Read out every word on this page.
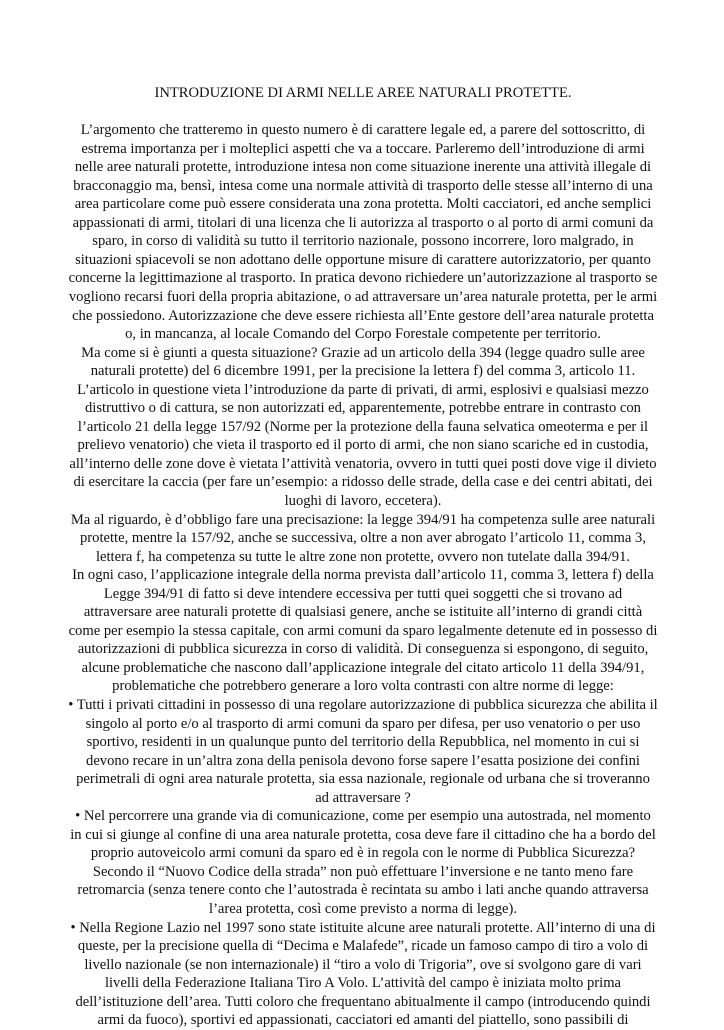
INTRODUZIONE DI ARMI NELLE AREE NATURALI PROTETTE.

L’argomento che tratteremo in questo numero è di carattere legale ed, a parere del sottoscritto, di estrema importanza per i molteplici aspetti che va a toccare. Parleremo dell’introduzione di armi nelle aree naturali protette, introduzione intesa non come situazione inerente una attività illegale di bracconaggio ma, bensì, intesa come una normale attività di trasporto delle stesse all’interno di una area particolare come può essere considerata una zona protetta. Molti cacciatori, ed anche semplici appassionati di armi, titolari di una licenza che li autorizza al trasporto o al porto di armi comuni da sparo, in corso di validità su tutto il territorio nazionale, possono incorrere, loro malgrado, in situazioni spiacevoli se non adottano delle opportune misure di carattere autorizzatorio, per quanto concerne la legittimazione al trasporto. In pratica devono richiedere un’autorizzazione al trasporto se vogliono recarsi fuori della propria abitazione, o ad attraversare un’area naturale protetta, per le armi che possiedono. Autorizzazione che deve essere richiesta all’Ente gestore dell’area naturale protetta o, in mancanza, al locale Comando del Corpo Forestale competente per territorio.

Ma come si è giunti a questa situazione? Grazie ad un articolo della 394 (legge quadro sulle aree naturali protette) del 6 dicembre 1991, per la precisione la lettera f) del comma 3, articolo 11.

L’articolo in questione vieta l’introduzione da parte di privati, di armi, esplosivi e qualsiasi mezzo distruttivo o di cattura, se non autorizzati ed, apparentemente, potrebbe entrare in contrasto con l’articolo 21 della legge 157/92 (Norme per la protezione della fauna selvatica omeoterma e per il prelievo venatorio) che vieta il trasporto ed il porto di armi, che non siano scariche ed in custodia, all’interno delle zone dove è vietata l’attività venatoria, ovvero in tutti quei posti dove vige il divieto di esercitare la caccia (per fare un’esempio: a ridosso delle strade, della case e dei centri abitati, dei luoghi di lavoro, eccetera).

Ma al riguardo, è d’obbligo fare una precisazione: la legge 394/91 ha competenza sulle aree naturali protette, mentre la 157/92, anche se successiva, oltre a non aver abrogato l’articolo 11, comma 3, lettera f, ha competenza su tutte le altre zone non protette, ovvero non tutelate dalla 394/91.

In ogni caso, l’applicazione integrale della norma prevista dall’articolo 11, comma 3, lettera f) della Legge 394/91 di fatto si deve intendere eccessiva per tutti quei soggetti che si trovano ad attraversare aree naturali protette di qualsiasi genere, anche se istituite all’interno di grandi città come per esempio la stessa capitale, con armi comuni da sparo legalmente detenute ed in possesso di autorizzazioni di pubblica sicurezza in corso di validità. Di conseguenza si espongono, di seguito, alcune problematiche che nascono dall’applicazione integrale del citato articolo 11 della 394/91, problematiche che potrebbero generare a loro volta contrasti con altre norme di legge:

• Tutti i privati cittadini in possesso di una regolare autorizzazione di pubblica sicurezza che abilita il singolo al porto e/o al trasporto di armi comuni da sparo per difesa, per uso venatorio o per uso sportivo, residenti in un qualunque punto del territorio della Repubblica, nel momento in cui si devono recare in un’altra zona della penisola devono forse sapere l’esatta posizione dei confini perimetrali di ogni area naturale protetta, sia essa nazionale, regionale od urbana che si troveranno ad attraversare ?

• Nel percorrere una grande via di comunicazione, come per esempio una autostrada, nel momento in cui si giunge al confine di una area naturale protetta, cosa deve fare il cittadino che ha a bordo del proprio autoveicolo armi comuni da sparo ed è in regola con le norme di Pubblica Sicurezza? Secondo il “Nuovo Codice della strada” non può effettuare l’inversione e ne tanto meno fare retromarcia (senza tenere conto che l’autostrada è recintata su ambo i lati anche quando attraversa l’area protetta, così come previsto a norma di legge).

• Nella Regione Lazio nel 1997 sono state istituite alcune aree naturali protette. All’interno di una di queste, per la precisione quella di “Decima e Malafede”, ricade un famoso campo di tiro a volo di livello nazionale (se non internazionale) il “tiro a volo di Trigoria”, ove si svolgono gare di vari livelli della Federazione Italiana Tiro A Volo. L’attività del campo è iniziata molto prima dell’istituzione dell’area. Tutti coloro che frequentano abitualmente il campo (introducendo quindi armi da fuoco), sportivi ed appassionati, cacciatori ed amanti del piattello, sono passibili di
